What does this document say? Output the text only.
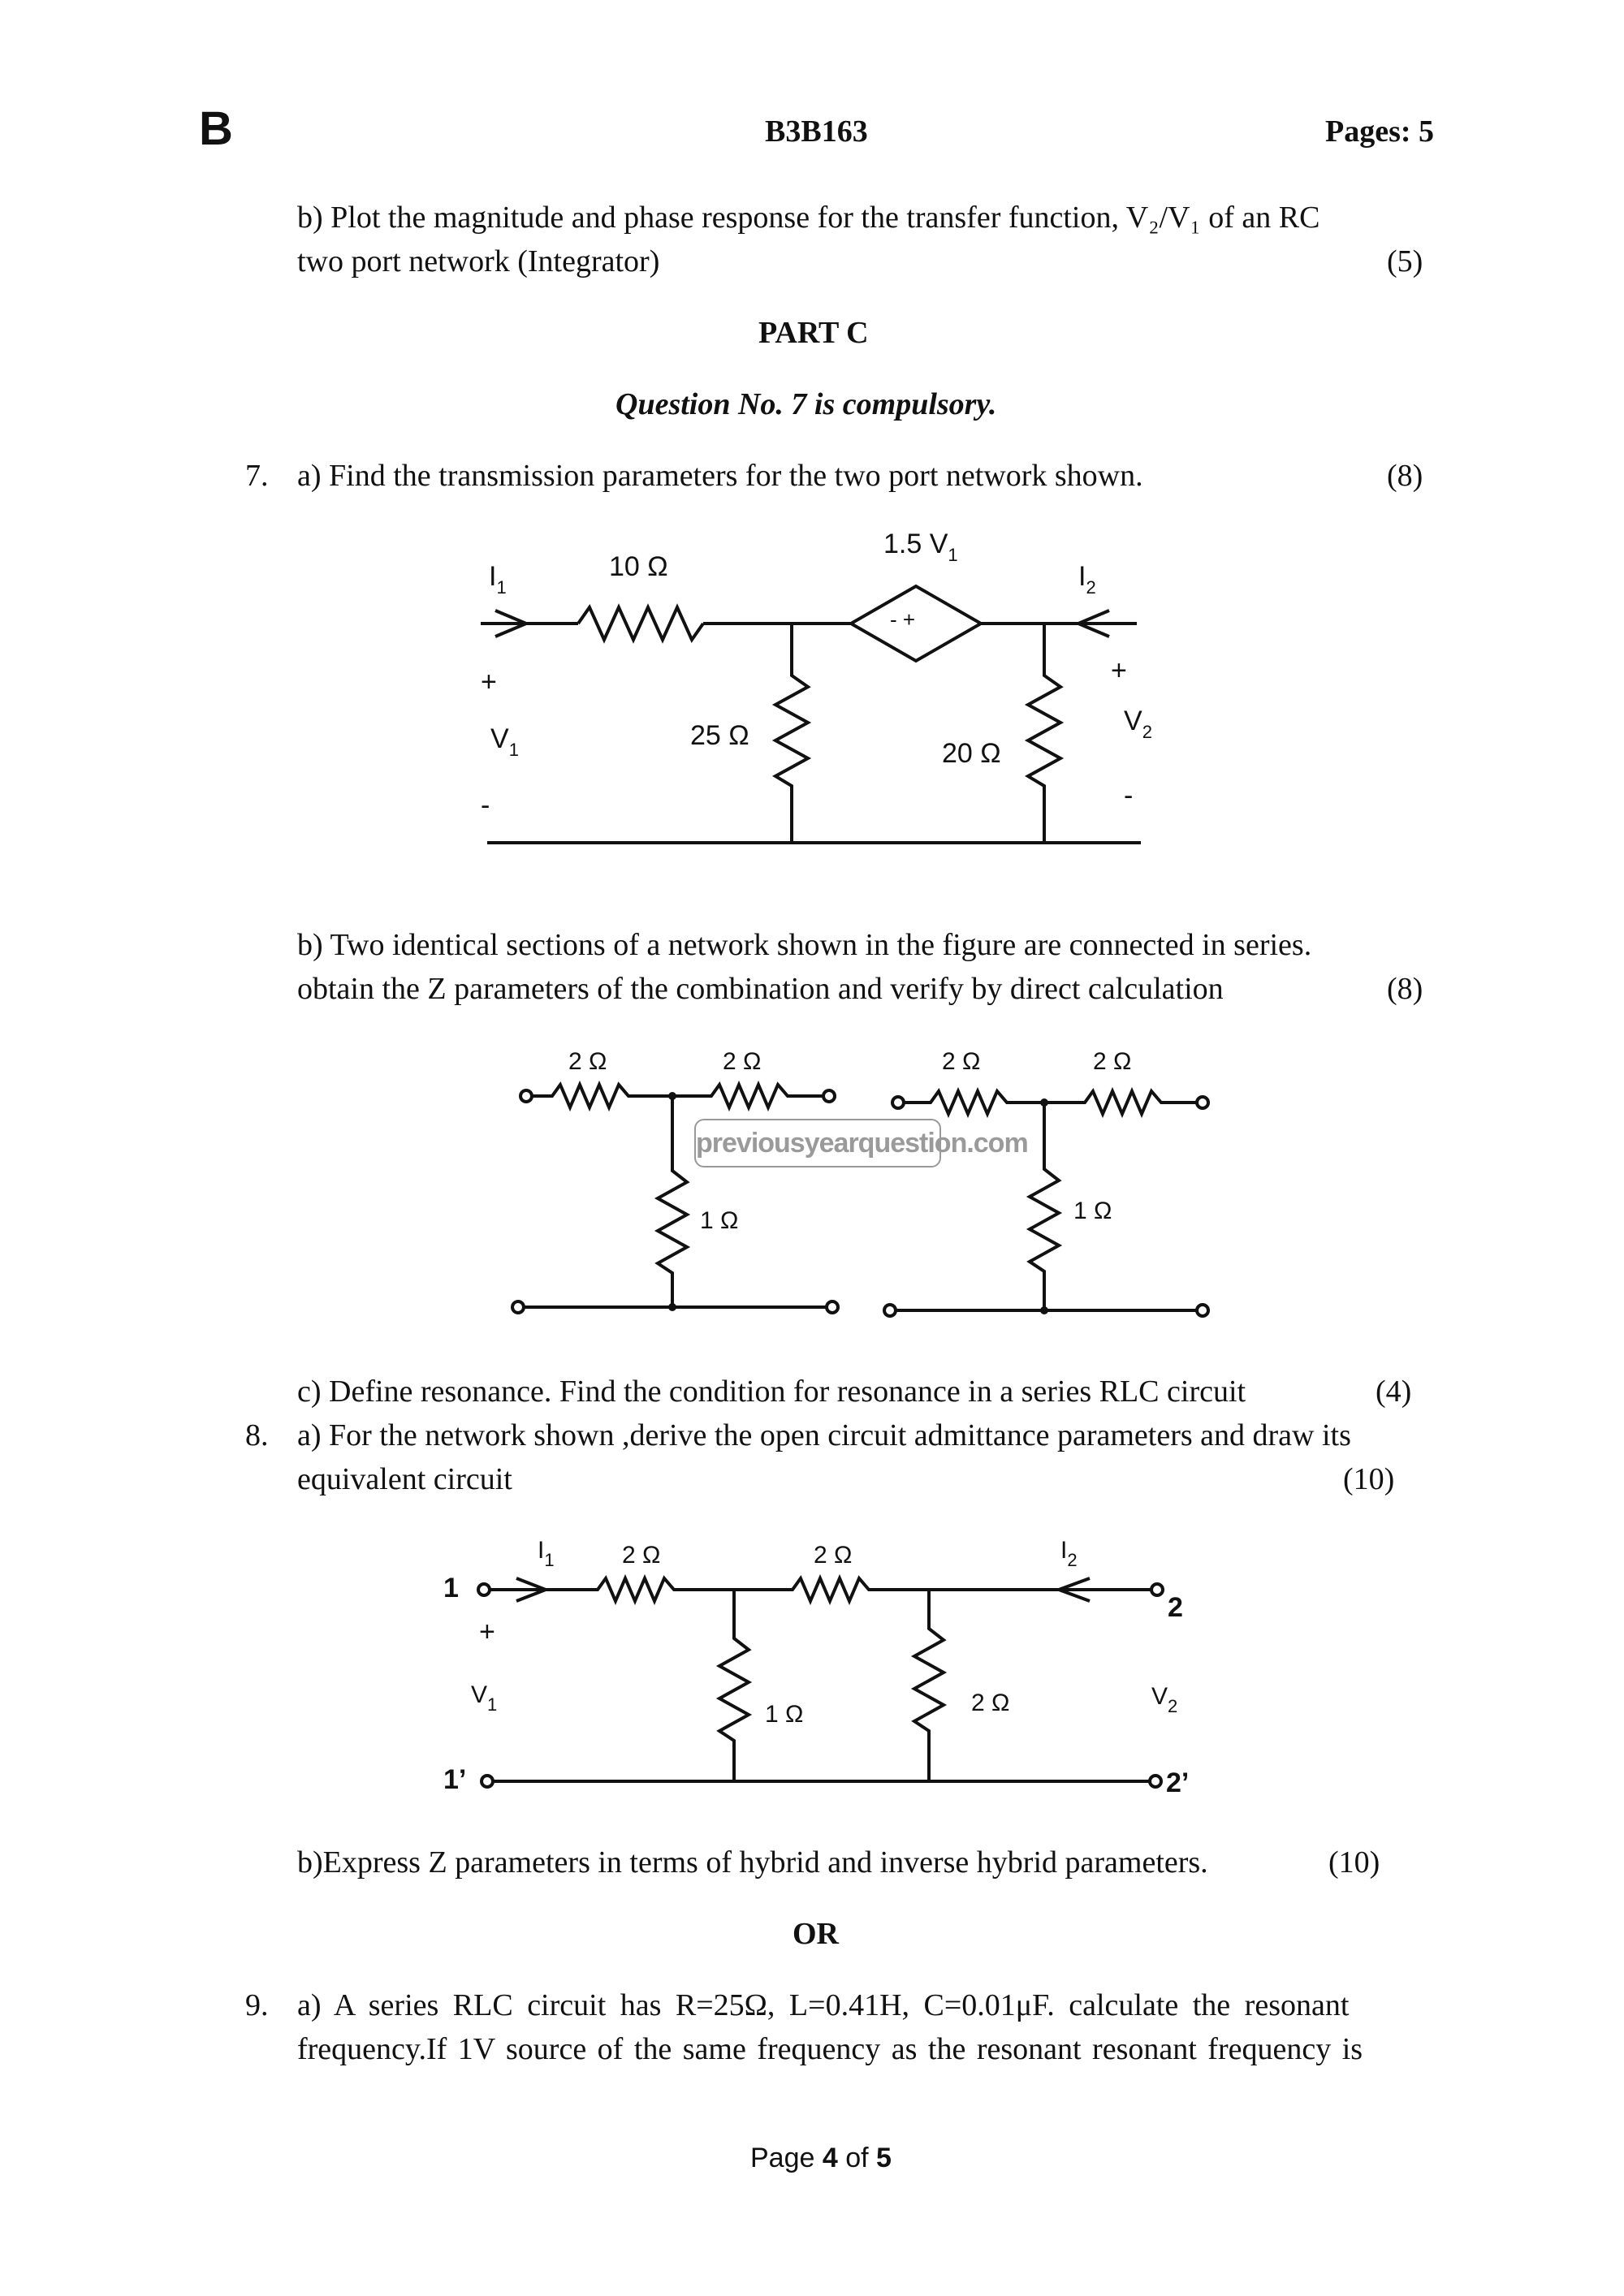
B	B3B163	Pages: 5
b) Plot the magnitude and phase response for the transfer function, V₂/V₁ of an RC
two port network (Integrator)	(5)
PART C
Question No. 7 is compulsory.
7. a) Find the transmission parameters for the two port network shown.	(8)
10 Ω
25 Ω
20 Ω
1.5 $V_1$
- +
$I_1$	$I_2$
+
$V_1$
-
+
$V_2$
-
b) Two identical sections of a network shown in the figure are connected in series.
obtain the Z parameters of the combination and verify by direct calculation	(8)
2 Ω	2 Ω
1 Ω
2 Ω	2 Ω
1 Ω
previousyearquestion.com
c) Define resonance. Find the condition for resonance in a series RLC circuit	(4)
8. a) For the network shown ,derive the open circuit admittance parameters and draw its
equivalent circuit	(10)
1
1’
2
2’
$I_1$	$I_2$
2 Ω	2 Ω
1 Ω	2 Ω
+
$V_1$	$V_2$
b)Express Z parameters in terms of hybrid and inverse hybrid parameters.	(10)
OR
9. a) A series RLC circuit has R=25Ω, L=0.41H, C=0.01μF. calculate the resonant
frequency.If 1V source of the same frequency as the resonant resonant frequency is
Page 4 of 5
